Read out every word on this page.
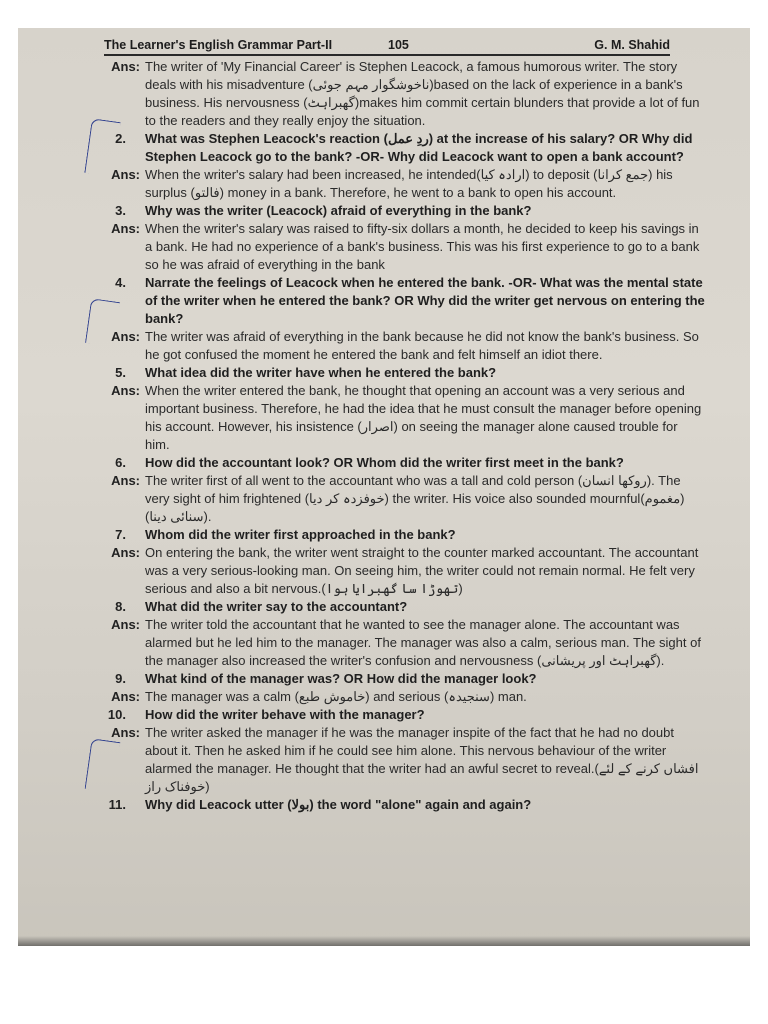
The Learner's English Grammar Part-II	105	G. M. Shahid
Ans: The writer of 'My Financial Career' is Stephen Leacock, a famous humorous writer. The story deals with his misadventure (ناخوشگوار مہم جوئی)based on the lack of experience in a bank's business. His nervousness (گھبراہٹ)makes him commit certain blunders that provide a lot of fun to the readers and they really enjoy the situation.
2. What was Stephen Leacock's reaction (ردِ عمل) at the increase of his salary? OR Why did Stephen Leacock go to the bank? -OR- Why did Leacock want to open a bank account?
Ans: When the writer's salary had been increased, he intended(ارادہ کیا) to deposit (جمع کرانا) his surplus (فالتو) money in a bank. Therefore, he went to a bank to open his account.
3. Why was the writer (Leacock) afraid of everything in the bank?
Ans: When the writer's salary was raised to fifty-six dollars a month, he decided to keep his savings in a bank. He had no experience of a bank's business. This was his first experience to go to a bank so he was afraid of everything in the bank
4. Narrate the feelings of Leacock when he entered the bank. -OR- What was the mental state of the writer when he entered the bank? OR Why did the writer get nervous on entering the bank?
Ans: The writer was afraid of everything in the bank because he did not know the bank's business. So he got confused the moment he entered the bank and felt himself an idiot there.
5. What idea did the writer have when he entered the bank?
Ans: When the writer entered the bank, he thought that opening an account was a very serious and important business. Therefore, he had the idea that he must consult the manager before opening his account. However, his insistence (اصرار) on seeing the manager alone caused trouble for him.
6. How did the accountant look? OR Whom did the writer first meet in the bank?
Ans: The writer first of all went to the accountant who was a tall and cold person (روکھا انسان). The very sight of him frightened (خوفزدہ کر دیا) the writer. His voice also sounded mournful(مغموم) (سنائی دینا).
7. Whom did the writer first approached in the bank?
Ans: On entering the bank, the writer went straight to the counter marked accountant. The accountant was a very serious-looking man. On seeing him, the writer could not remain normal. He felt very serious and also a bit nervous.(تھوڑا سا گھبرایا ہوا)
8. What did the writer say to the accountant?
Ans: The writer told the accountant that he wanted to see the manager alone. The accountant was alarmed but he led him to the manager. The manager was also a calm, serious man. The sight of the manager also increased the writer's confusion and nervousness (گھبراہٹ اور پریشانی).
9. What kind of the manager was? OR How did the manager look?
Ans: The manager was a calm (خاموش طبع) and serious (سنجیدہ) man.
10. How did the writer behave with the manager?
Ans: The writer asked the manager if he was the manager inspite of the fact that he had no doubt about it. Then he asked him if he could see him alone. This nervous behaviour of the writer alarmed the manager. He thought that the writer had an awful secret to reveal.(افشاں کرنے کے لئے خوفناک راز)
11. Why did Leacock utter (بولا) the word "alone" again and again?
